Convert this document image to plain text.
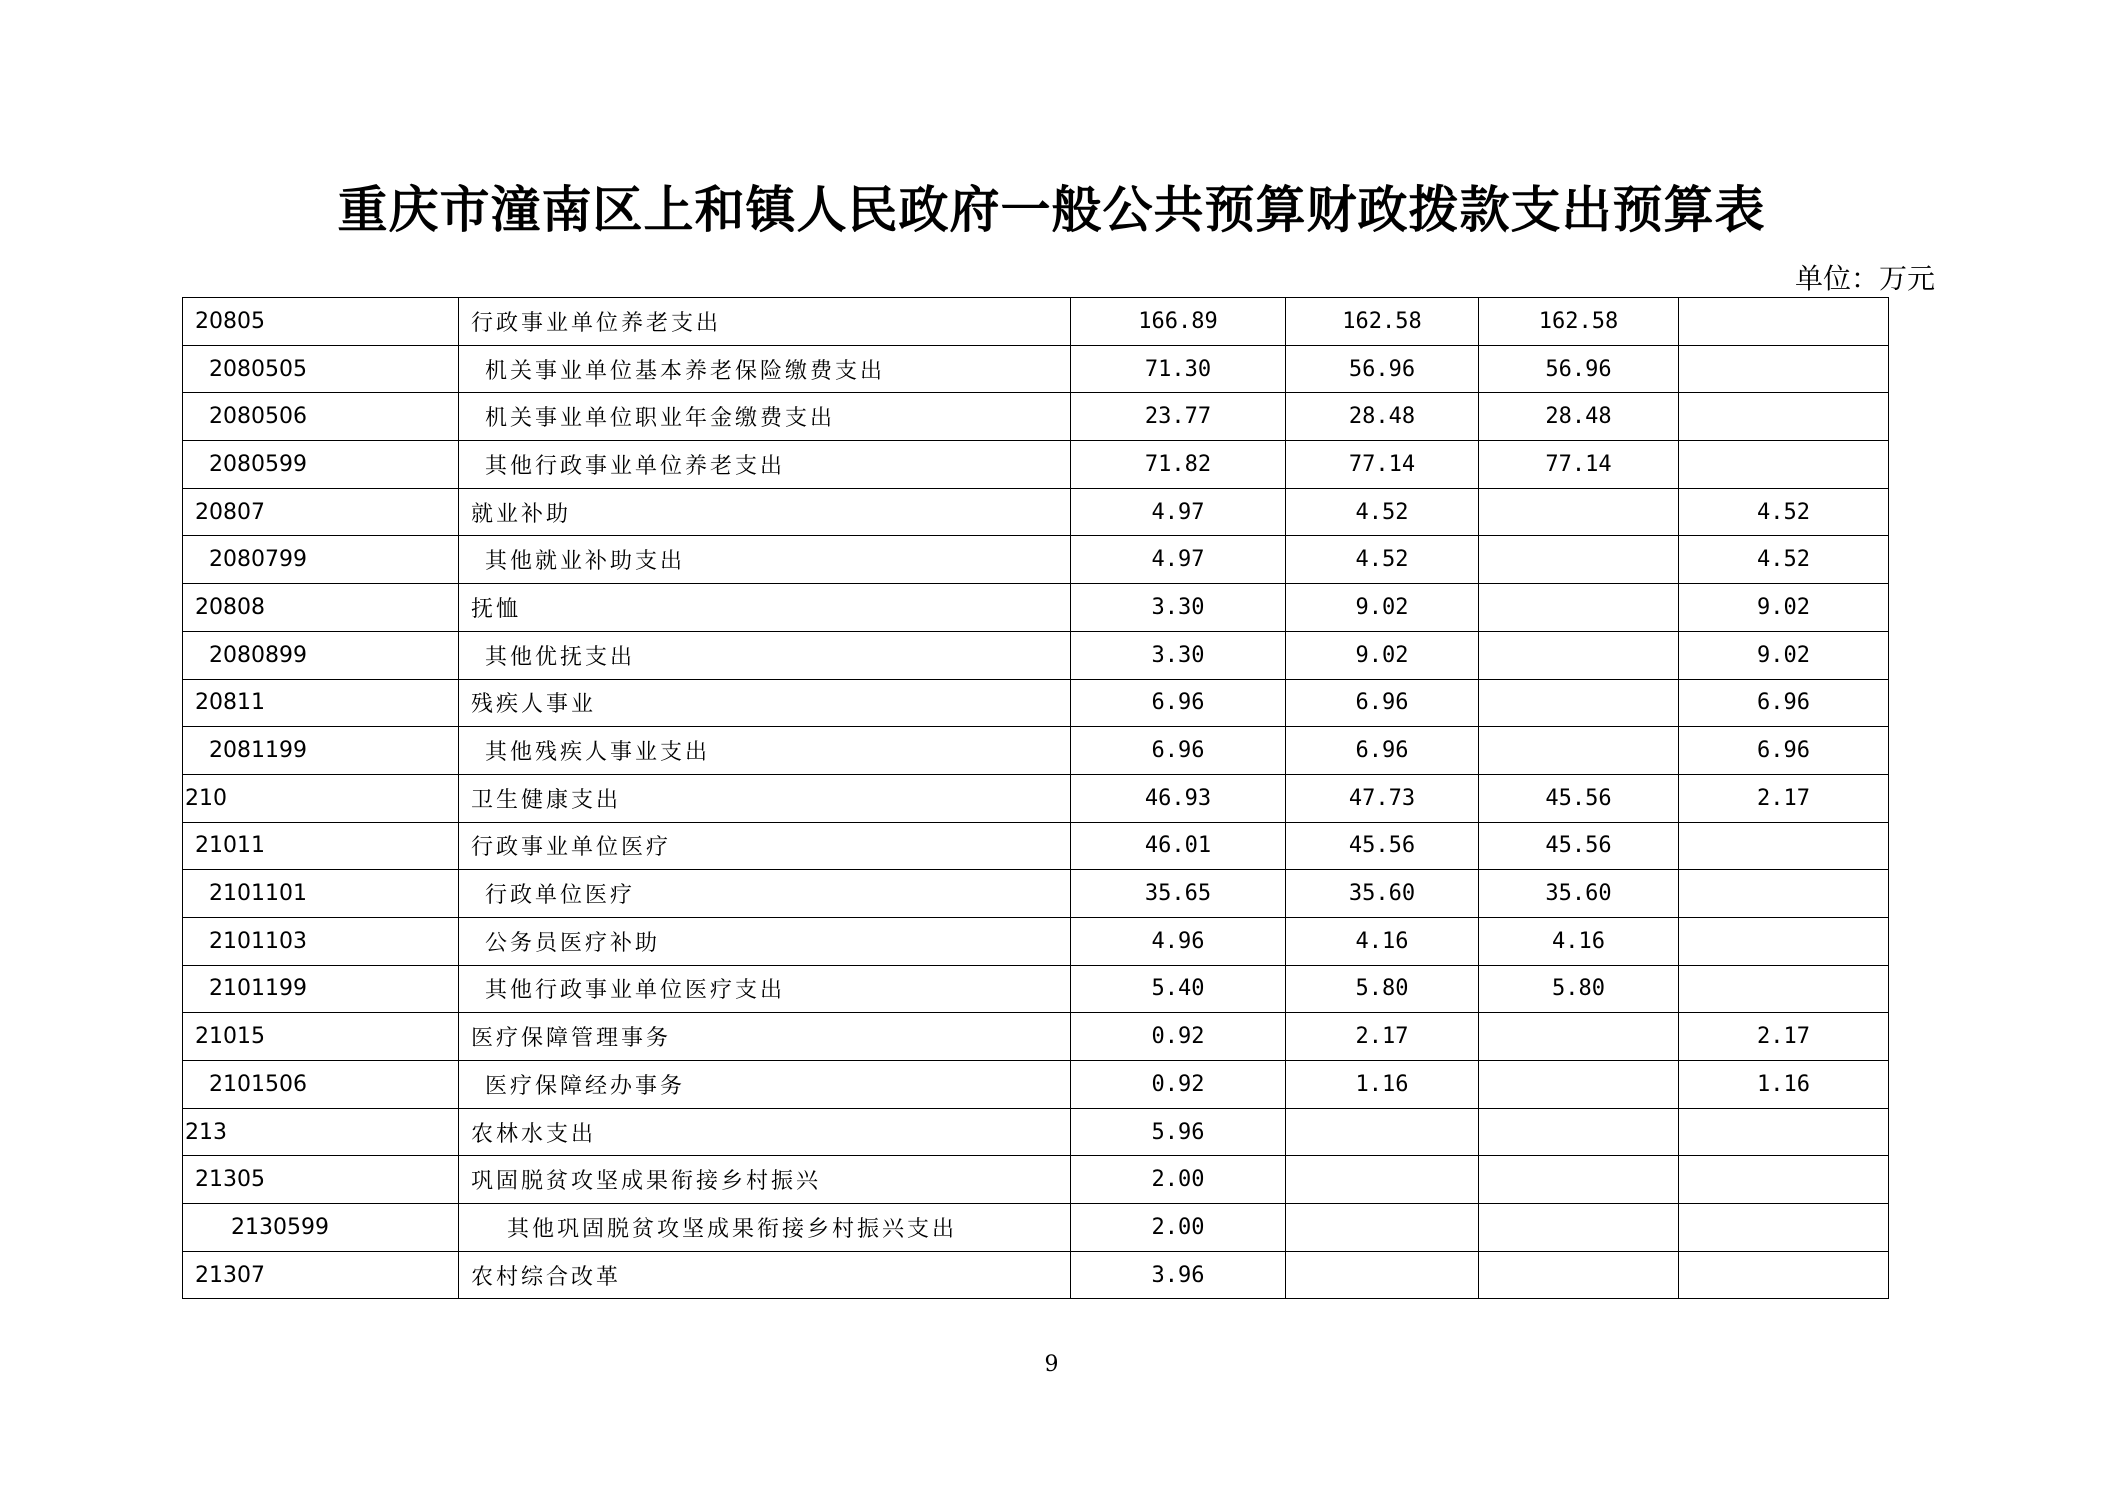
重庆市潼南区上和镇人民政府一般公共预算财政拨款支出预算表
单位：万元
20805	行政事业单位养老支出	166.89	162.58	162.58	
2080505	机关事业单位基本养老保险缴费支出	71.30	56.96	56.96	
2080506	机关事业单位职业年金缴费支出	23.77	28.48	28.48	
2080599	其他行政事业单位养老支出	71.82	77.14	77.14	
20807	就业补助	4.97	4.52		4.52
2080799	其他就业补助支出	4.97	4.52		4.52
20808	抚恤	3.30	9.02		9.02
2080899	其他优抚支出	3.30	9.02		9.02
20811	残疾人事业	6.96	6.96		6.96
2081199	其他残疾人事业支出	6.96	6.96		6.96
210	卫生健康支出	46.93	47.73	45.56	2.17
21011	行政事业单位医疗	46.01	45.56	45.56	
2101101	行政单位医疗	35.65	35.60	35.60	
2101103	公务员医疗补助	4.96	4.16	4.16	
2101199	其他行政事业单位医疗支出	5.40	5.80	5.80	
21015	医疗保障管理事务	0.92	2.17		2.17
2101506	医疗保障经办事务	0.92	1.16		1.16
213	农林水支出	5.96			
21305	巩固脱贫攻坚成果衔接乡村振兴	2.00			
2130599	其他巩固脱贫攻坚成果衔接乡村振兴支出	2.00			
21307	农村综合改革	3.96			
9
